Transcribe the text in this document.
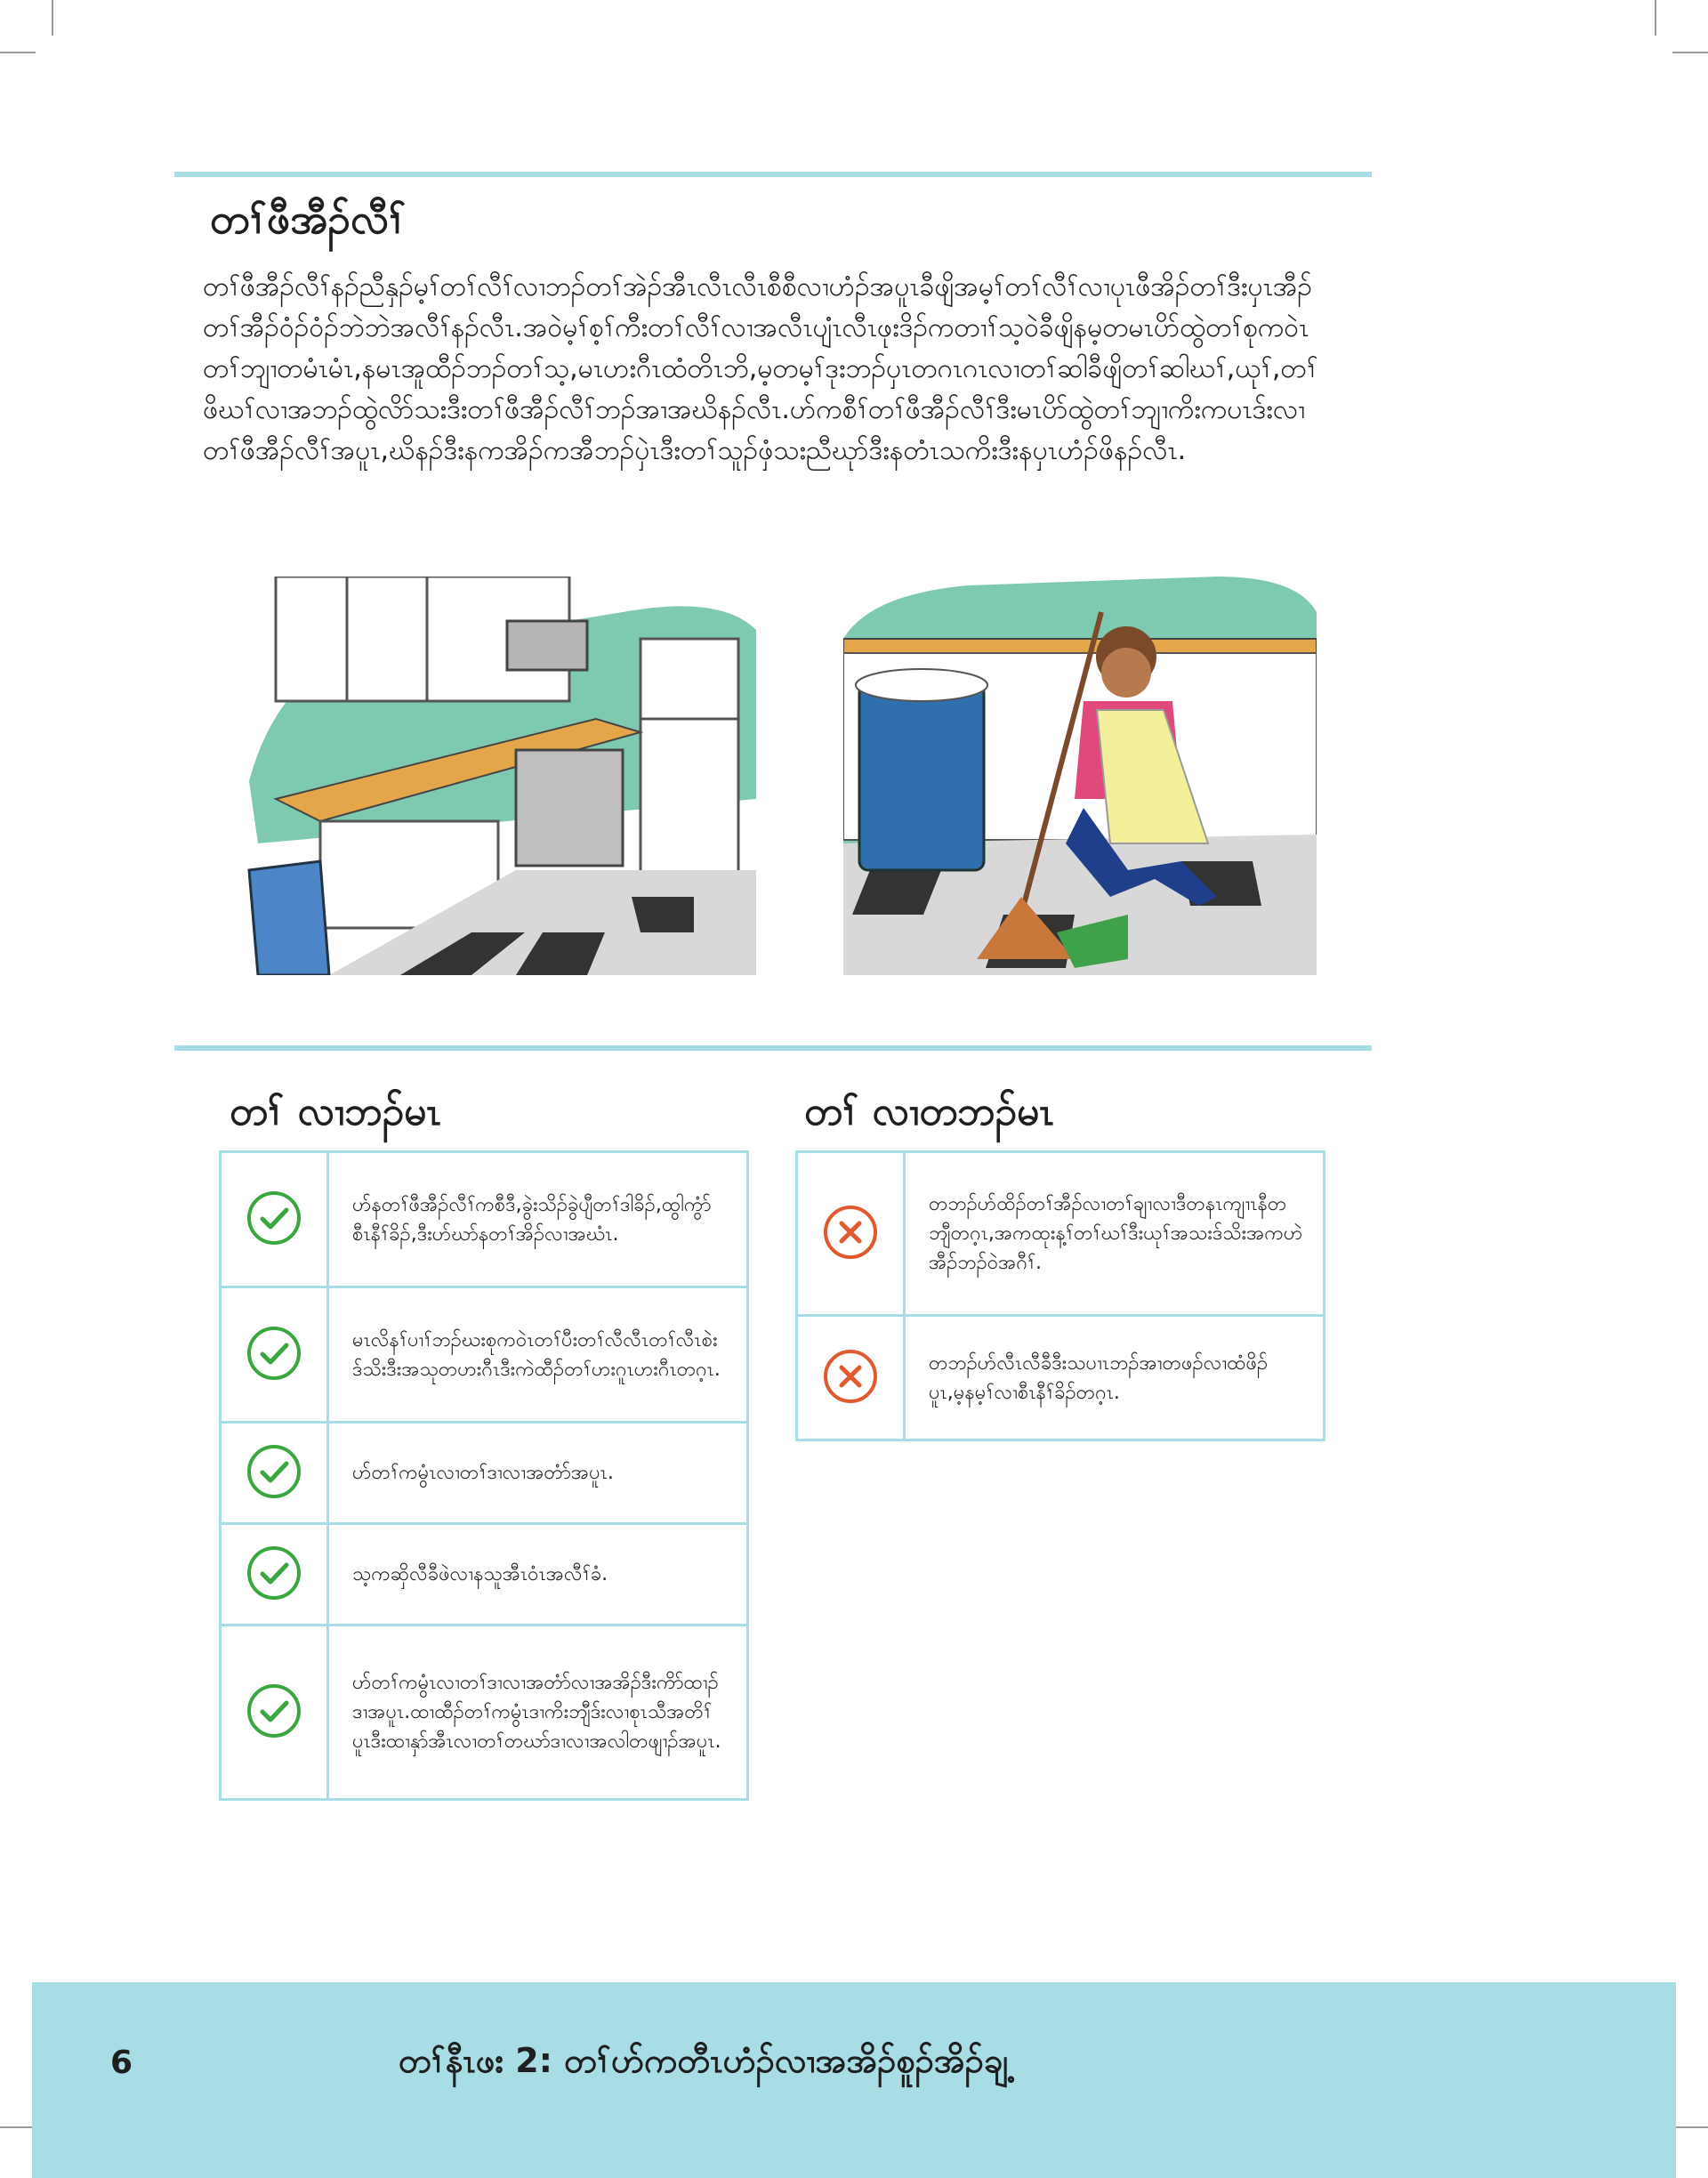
တၢ်ဖီအီၣ်လီၢ်

တၢ်ဖီအီၣ်လီၢ်နၣ်ညီနှၣ်မ့ၢ်တၢ်လီၢ်လၢဘၣ်တၢ်အဲၣ်အီၤလီၤလီၤစီစီလၢဟံၣ်အပူၤခီဖျိအမ့ၢ်တၢ်လီၢ်လၢပုၤဖီအိၣ်တၢ်ဒီးပှၤအီၣ်တၢ်အီၣ်ဝံၣ်ဝံၣ်ဘဲဘဲအလီၢ်နၣ်လီၤ.အဝဲမ့ၢ်စ့ၢ်ကီးတၢ်လီၢ်လၢအလီၤပျံၤလီၤဖုးဒိၣ်ကတၢၢ်သ့ဝဲခီဖျိနမ့တမၤပိာ်ထွဲတၢ်စုကဝဲၤတၢ်ဘျၢတမံၤမံၤ,နမၤအူထီၣ်ဘၣ်တၢ်သ့,မၤဟးဂီၤထံတိၤဘိ,မ့တမ့ၢ်ဒုးဘၣ်ပှၤတဂၤဂၤလၢတၢ်ဆါခီဖျိတၢ်ဆါဃၢ်,ယုၢ်,တၢ်ဖိဃၢ်လၢအဘၣ်ထွဲလိာ်သးဒီးတၢ်ဖီအီၣ်လီၢ်ဘၣ်အၢအဃိနၣ်လီၤ.ဟ်ကစီၢ်တၢ်ဖီအီၣ်လီၢ်ဒီးမၤပိာ်ထွဲတၢ်ဘျၢကိးကပၤဒ်းလၢတၢ်ဖီအီၣ်လီၢ်အပူၤ,ဃိနၣ်ဒီးနကအိၣ်ကအီဘၣ်ပှဲၤဒီးတၢ်သူၣ်ဖှံသးညီဃုာ်ဒီးနတံၤသကိးဒီးနပှၤဟံၣ်ဖိနၣ်လီၤ.

တၢ် လၢဘၣ်မၤ	တၢ် လၢတဘၣ်မၤ
	ဟ်နတၢ်ဖီအီၣ်လီၢ်ကစီဒီ,ခွဲးသိၣ်ခွဲပျီတၢ်ဒါခိၣ်,ထွါကွံာ်စီၤနီၢ်ခိၣ်,ဒီးဟ်ဃာ်နတၢ်အိၣ်လၢအဃံၤ.
	မၤလိနၢ်ပၢၢ်ဘၣ်ဃးစုကဝဲၤတၢ်ပီးတၢ်လီလီၤတၢ်လီၤစဲးဒ်သိးဒီးအသုတဟးဂီၤဒီးကဲထီၣ်တၢ်ဟးဂူၤဟးဂီၤတဂ့ၤ.
	ဟ်တၢ်ကမွံၤလၢတၢ်ဒၢလၢအတံာ်အပူၤ.
	သ့ကဆှိလီခီဖဲလၢနသူအီၤဝံၤအလီၢ်ခံ.
	ဟ်တၢ်ကမွံၤလၢတၢ်ဒၢလၢအတံာ်လၢအအိၣ်ဒီးကိာ်ထၢၣ်ဒၢအပူၤ.ထၢထီၣ်တၢ်ကမွံၤဒၢကိးဘျီဒ်းလၢစုၤသီအတိၢ်ပူၤဒီးထၢနှာ်အီၤလၢတၢ်တဃာ်ဒၢလၢအလါတဖျၢၣ်အပူၤ.
	တဘၣ်ဟ်ထိၣ်တၢ်အီၣ်လၢတၢ်ချၢလၢဒီတနၤကျၢၤနီတဘျီတဂ့ၤ,အကထုးန့ၢ်တၢ်ဃၢ်ဒီးယုၢ်အသးဒ်သိးအကဟဲအီၣ်ဘၣ်ဝဲအဂီၢ်.
	တဘၣ်ဟ်လီၤလီခီဒီးသပၢၤဘၣ်အၢတဖၣ်လၢထံဖိၣ်ပူၤ,မ့နမ့ၢ်လၢစီၤနီၢ်ခိၣ်တဂ့ၤ.
6	တၢ်နီၤဖး 2: တၢ်ဟ်ကတီၤဟံၣ်လၢအအိၣ်စူၣ်အိၣ်ချ့
